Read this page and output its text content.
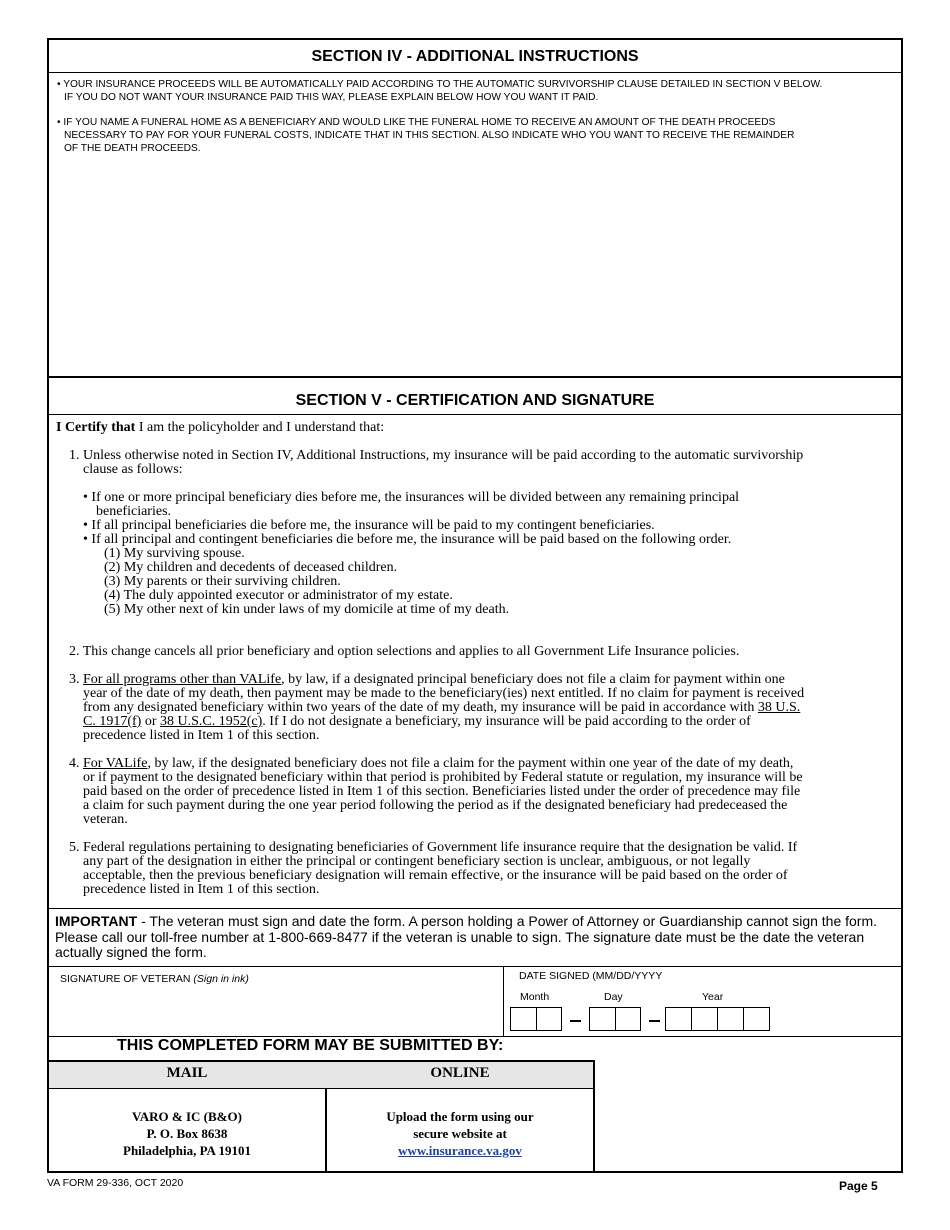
SECTION IV - ADDITIONAL INSTRUCTIONS

• YOUR INSURANCE PROCEEDS WILL BE AUTOMATICALLY PAID ACCORDING TO THE AUTOMATIC SURVIVORSHIP CLAUSE DETAILED IN SECTION V BELOW.

IF YOU DO NOT WANT YOUR INSURANCE PAID THIS WAY, PLEASE EXPLAIN BELOW HOW YOU WANT IT PAID.

• IF YOU NAME A FUNERAL HOME AS A BENEFICIARY AND WOULD LIKE THE FUNERAL HOME TO RECEIVE AN AMOUNT OF THE DEATH PROCEEDS

NECESSARY TO PAY FOR YOUR FUNERAL COSTS, INDICATE THAT IN THIS SECTION. ALSO INDICATE WHO YOU WANT TO RECEIVE THE REMAINDER

OF THE DEATH PROCEEDS.

SECTION V - CERTIFICATION AND SIGNATURE

I Certify that I am the policyholder and I understand that:

1. Unless otherwise noted in Section IV, Additional Instructions, my insurance will be paid according to the automatic survivorship

clause as follows:

• If one or more principal beneficiary dies before me, the insurances will be divided between any remaining principal

beneficiaries.

• If all principal beneficiaries die before me, the insurance will be paid to my contingent beneficiaries.

• If all principal and contingent beneficiaries die before me, the insurance will be paid based on the following order.

(1) My surviving spouse.

(2) My children and decedents of deceased children.

(3) My parents or their surviving children.

(4) The duly appointed executor or administrator of my estate.

(5) My other next of kin under laws of my domicile at time of my death.

2. This change cancels all prior beneficiary and option selections and applies to all Government Life Insurance policies.

3. For all programs other than VALife, by law, if a designated principal beneficiary does not file a claim for payment within one

year of the date of my death, then payment may be made to the beneficiary(ies) next entitled. If no claim for payment is received

from any designated beneficiary within two years of the date of my death, my insurance will be paid in accordance with 38 U.S.

C. 1917(f) or 38 U.S.C. 1952(c). If I do not designate a beneficiary, my insurance will be paid according to the order of

precedence listed in Item 1 of this section.

4. For VALife, by law, if the designated beneficiary does not file a claim for the payment within one year of the date of my death,

or if payment to the designated beneficiary within that period is prohibited by Federal statute or regulation, my insurance will be

paid based on the order of precedence listed in Item 1 of this section. Beneficiaries listed under the order of precedence may file

a claim for such payment during the one year period following the period as if the designated beneficiary had predeceased the

veteran.

5. Federal regulations pertaining to designating beneficiaries of Government life insurance require that the designation be valid. If

any part of the designation in either the principal or contingent beneficiary section is unclear, ambiguous, or not legally

acceptable, then the previous beneficiary designation will remain effective, or the insurance will be paid based on the order of

precedence listed in Item 1 of this section.

IMPORTANT - The veteran must sign and date the form. A person holding a Power of Attorney or Guardianship cannot sign the form. Please call our toll-free number at 1-800-669-8477 if the veteran is unable to sign. The signature date must be the date the veteran actually signed the form.
SIGNATURE OF VETERAN (Sign in ink)	DATE SIGNED (MM/DD/YYYY
Month	Day	Year
THIS COMPLETED FORM MAY BE SUBMITTED BY:
MAIL	ONLINE
VARO & IC (B&O)
P. O. Box 8638
Philadelphia, PA 19101
Upload the form using our
secure website at
www.insurance.va.gov
VA FORM 29-336, OCT 2020	Page 5
